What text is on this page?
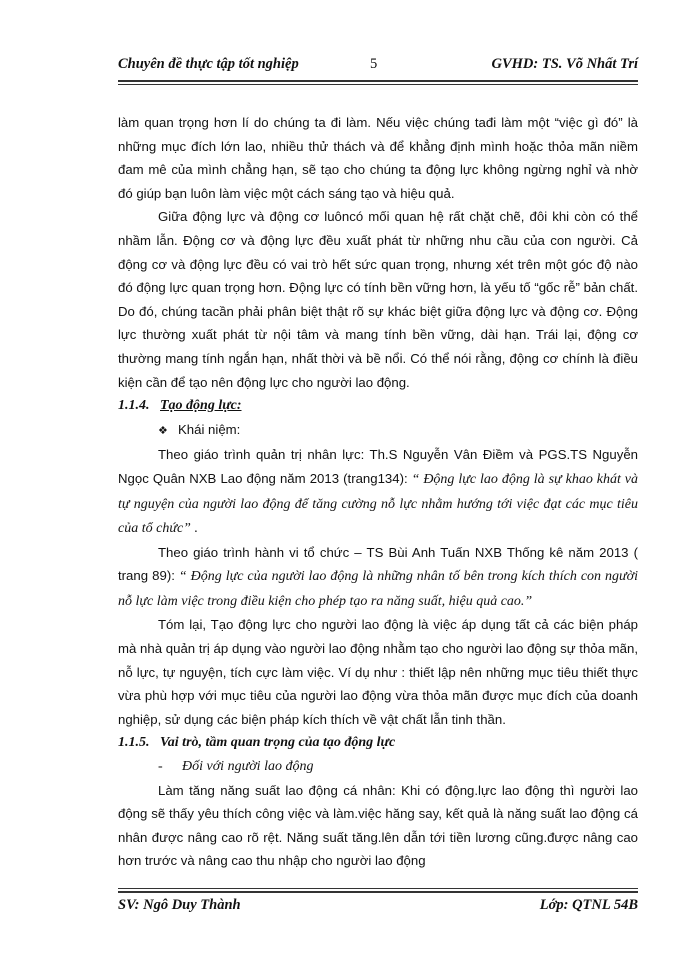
Chuyên đề thực tập tốt nghiệp	5	GVHD: TS. Võ Nhất Trí

làm quan trọng hơn lí do chúng ta đi làm. Nếu việc chúng tađi làm một “việc gì đó” là những mục đích lớn lao, nhiều thử thách và để khẳng định mình hoặc thỏa mãn niềm đam mê của mình chẳng hạn, sẽ tạo cho chúng ta động lực không ngừng nghỉ và nhờ đó giúp bạn luôn làm việc một cách sáng tạo và hiệu quả.

Giữa động lực và động cơ luôncó mối quan hệ rất chặt chẽ, đôi khi còn có thể nhầm lẫn. Động cơ và động lực đều xuất phát từ những nhu cầu của con người. Cả động cơ và động lực đều có vai trò hết sức quan trọng, nhưng xét trên một góc độ nào đó động lực quan trọng hơn. Động lực có tính bền vững hơn, là yếu tố “gốc rễ” bản chất. Do đó, chúng tacần phải phân biệt thật rõ sự khác biệt giữa động lực và động cơ. Động lực thường xuất phát từ nội tâm và mang tính bền vững, dài hạn. Trái lại, động cơ thường mang tính ngắn hạn, nhất thời và bề nổi. Có thể nói rằng, động cơ chính là điều kiện cần để tạo nên động lực cho người lao động.

1.1.4. Tạo động lực:

❖ Khái niệm:

Theo giáo trình quản trị nhân lực: Th.S Nguyễn Vân Điềm và PGS.TS Nguyễn Ngọc Quân NXB Lao động năm 2013 (trang134): “ Động lực lao động là sự khao khát và tự nguyện của người lao động để tăng cường nỗ lực nhằm hướng tới việc đạt các mục tiêu của tổ chức” .

Theo giáo trình hành vi tổ chức – TS Bùi Anh Tuấn NXB Thống kê năm 2013 ( trang 89): “ Động lực của người lao động là những nhân tố bên trong kích thích con người nỗ lực làm việc trong điều kiện cho phép tạo ra năng suất, hiệu quả cao.”

Tóm lại, Tạo động lực cho người lao động là việc áp dụng tất cả các biện pháp mà nhà quản trị áp dụng vào người lao động nhằm tạo cho người lao động sự thỏa mãn, nỗ lực, tự nguyện, tích cực làm việc. Ví dụ như : thiết lập nên những mục tiêu thiết thực vừa phù hợp với mục tiêu của người lao động vừa thỏa mãn được mục đích của doanh nghiệp, sử dụng các biện pháp kích thích về vật chất lẫn tinh thần.

1.1.5. Vai trò, tầm quan trọng của tạo động lực

- Đối với người lao động

Làm tăng năng suất lao động cá nhân: Khi có động.lực lao động thì người lao động sẽ thấy yêu thích công việc và làm.việc hăng say, kết quả là năng suất lao động cá nhân được nâng cao rõ rệt. Năng suất tăng.lên dẫn tới tiền lương cũng.được nâng cao hơn trước và nâng cao thu nhập cho người lao động

SV: Ngô Duy Thành	Lớp: QTNL 54B
